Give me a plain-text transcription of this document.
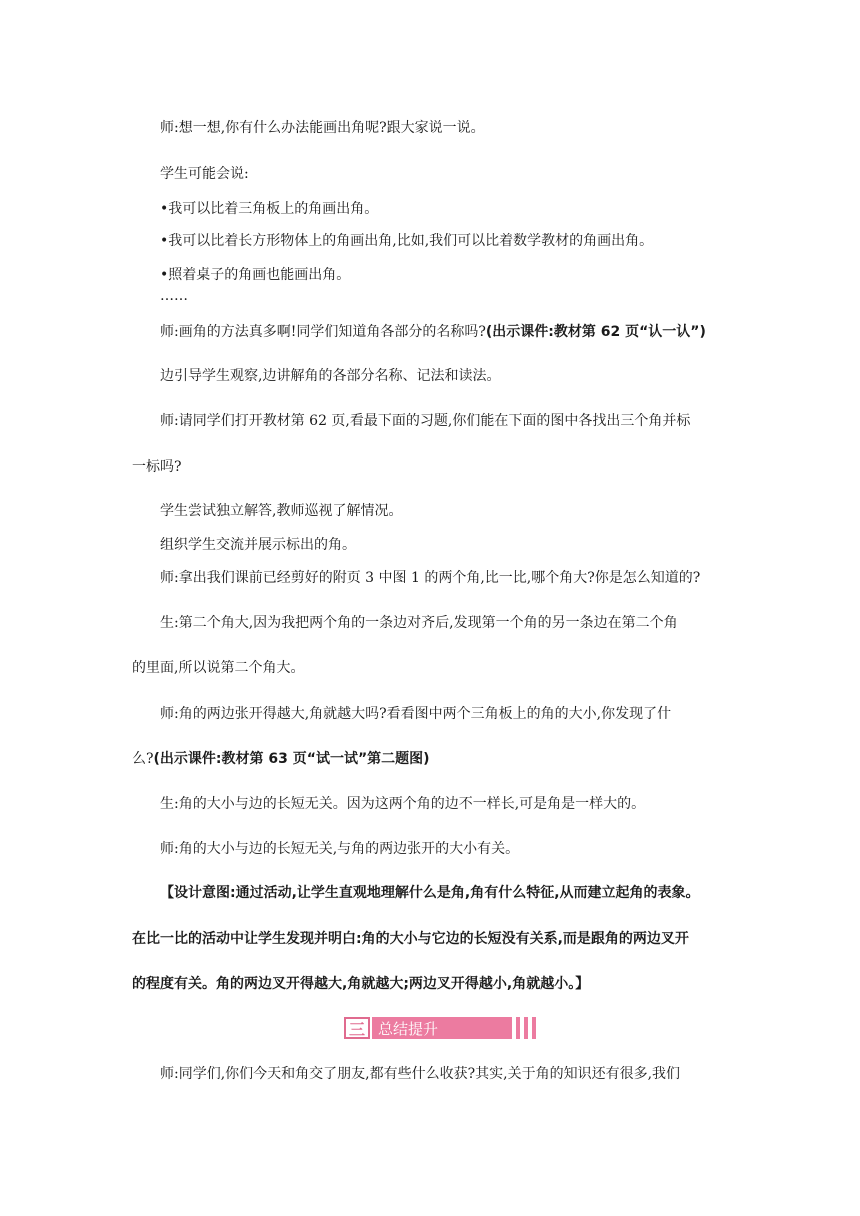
师:想一想,你有什么办法能画出角呢?跟大家说一说。
学生可能会说:
•我可以比着三角板上的角画出角。
•我可以比着长方形物体上的角画出角,比如,我们可以比着数学教材的角画出角。
•照着桌子的角画也能画出角。
……
师:画角的方法真多啊!同学们知道角各部分的名称吗?(出示课件:教材第 62 页“认一认”)
边引导学生观察,边讲解角的各部分名称、记法和读法。
师:请同学们打开教材第 62 页,看最下面的习题,你们能在下面的图中各找出三个角并标
一标吗?
学生尝试独立解答,教师巡视了解情况。
组织学生交流并展示标出的角。
师:拿出我们课前已经剪好的附页 3 中图 1 的两个角,比一比,哪个角大?你是怎么知道的?
生:第二个角大,因为我把两个角的一条边对齐后,发现第一个角的另一条边在第二个角
的里面,所以说第二个角大。
师:角的两边张开得越大,角就越大吗?看看图中两个三角板上的角的大小,你发现了什
么?(出示课件:教材第 63 页“试一试”第二题图)
生:角的大小与边的长短无关。因为这两个角的边不一样长,可是角是一样大的。
师:角的大小与边的长短无关,与角的两边张开的大小有关。
【设计意图:通过活动,让学生直观地理解什么是角,角有什么特征,从而建立起角的表象。
在比一比的活动中让学生发现并明白:角的大小与它边的长短没有关系,而是跟角的两边叉开
的程度有关。角的两边叉开得越大,角就越大;两边叉开得越小,角就越小。】
三 总结提升
师:同学们,你们今天和角交了朋友,都有些什么收获?其实,关于角的知识还有很多,我们
